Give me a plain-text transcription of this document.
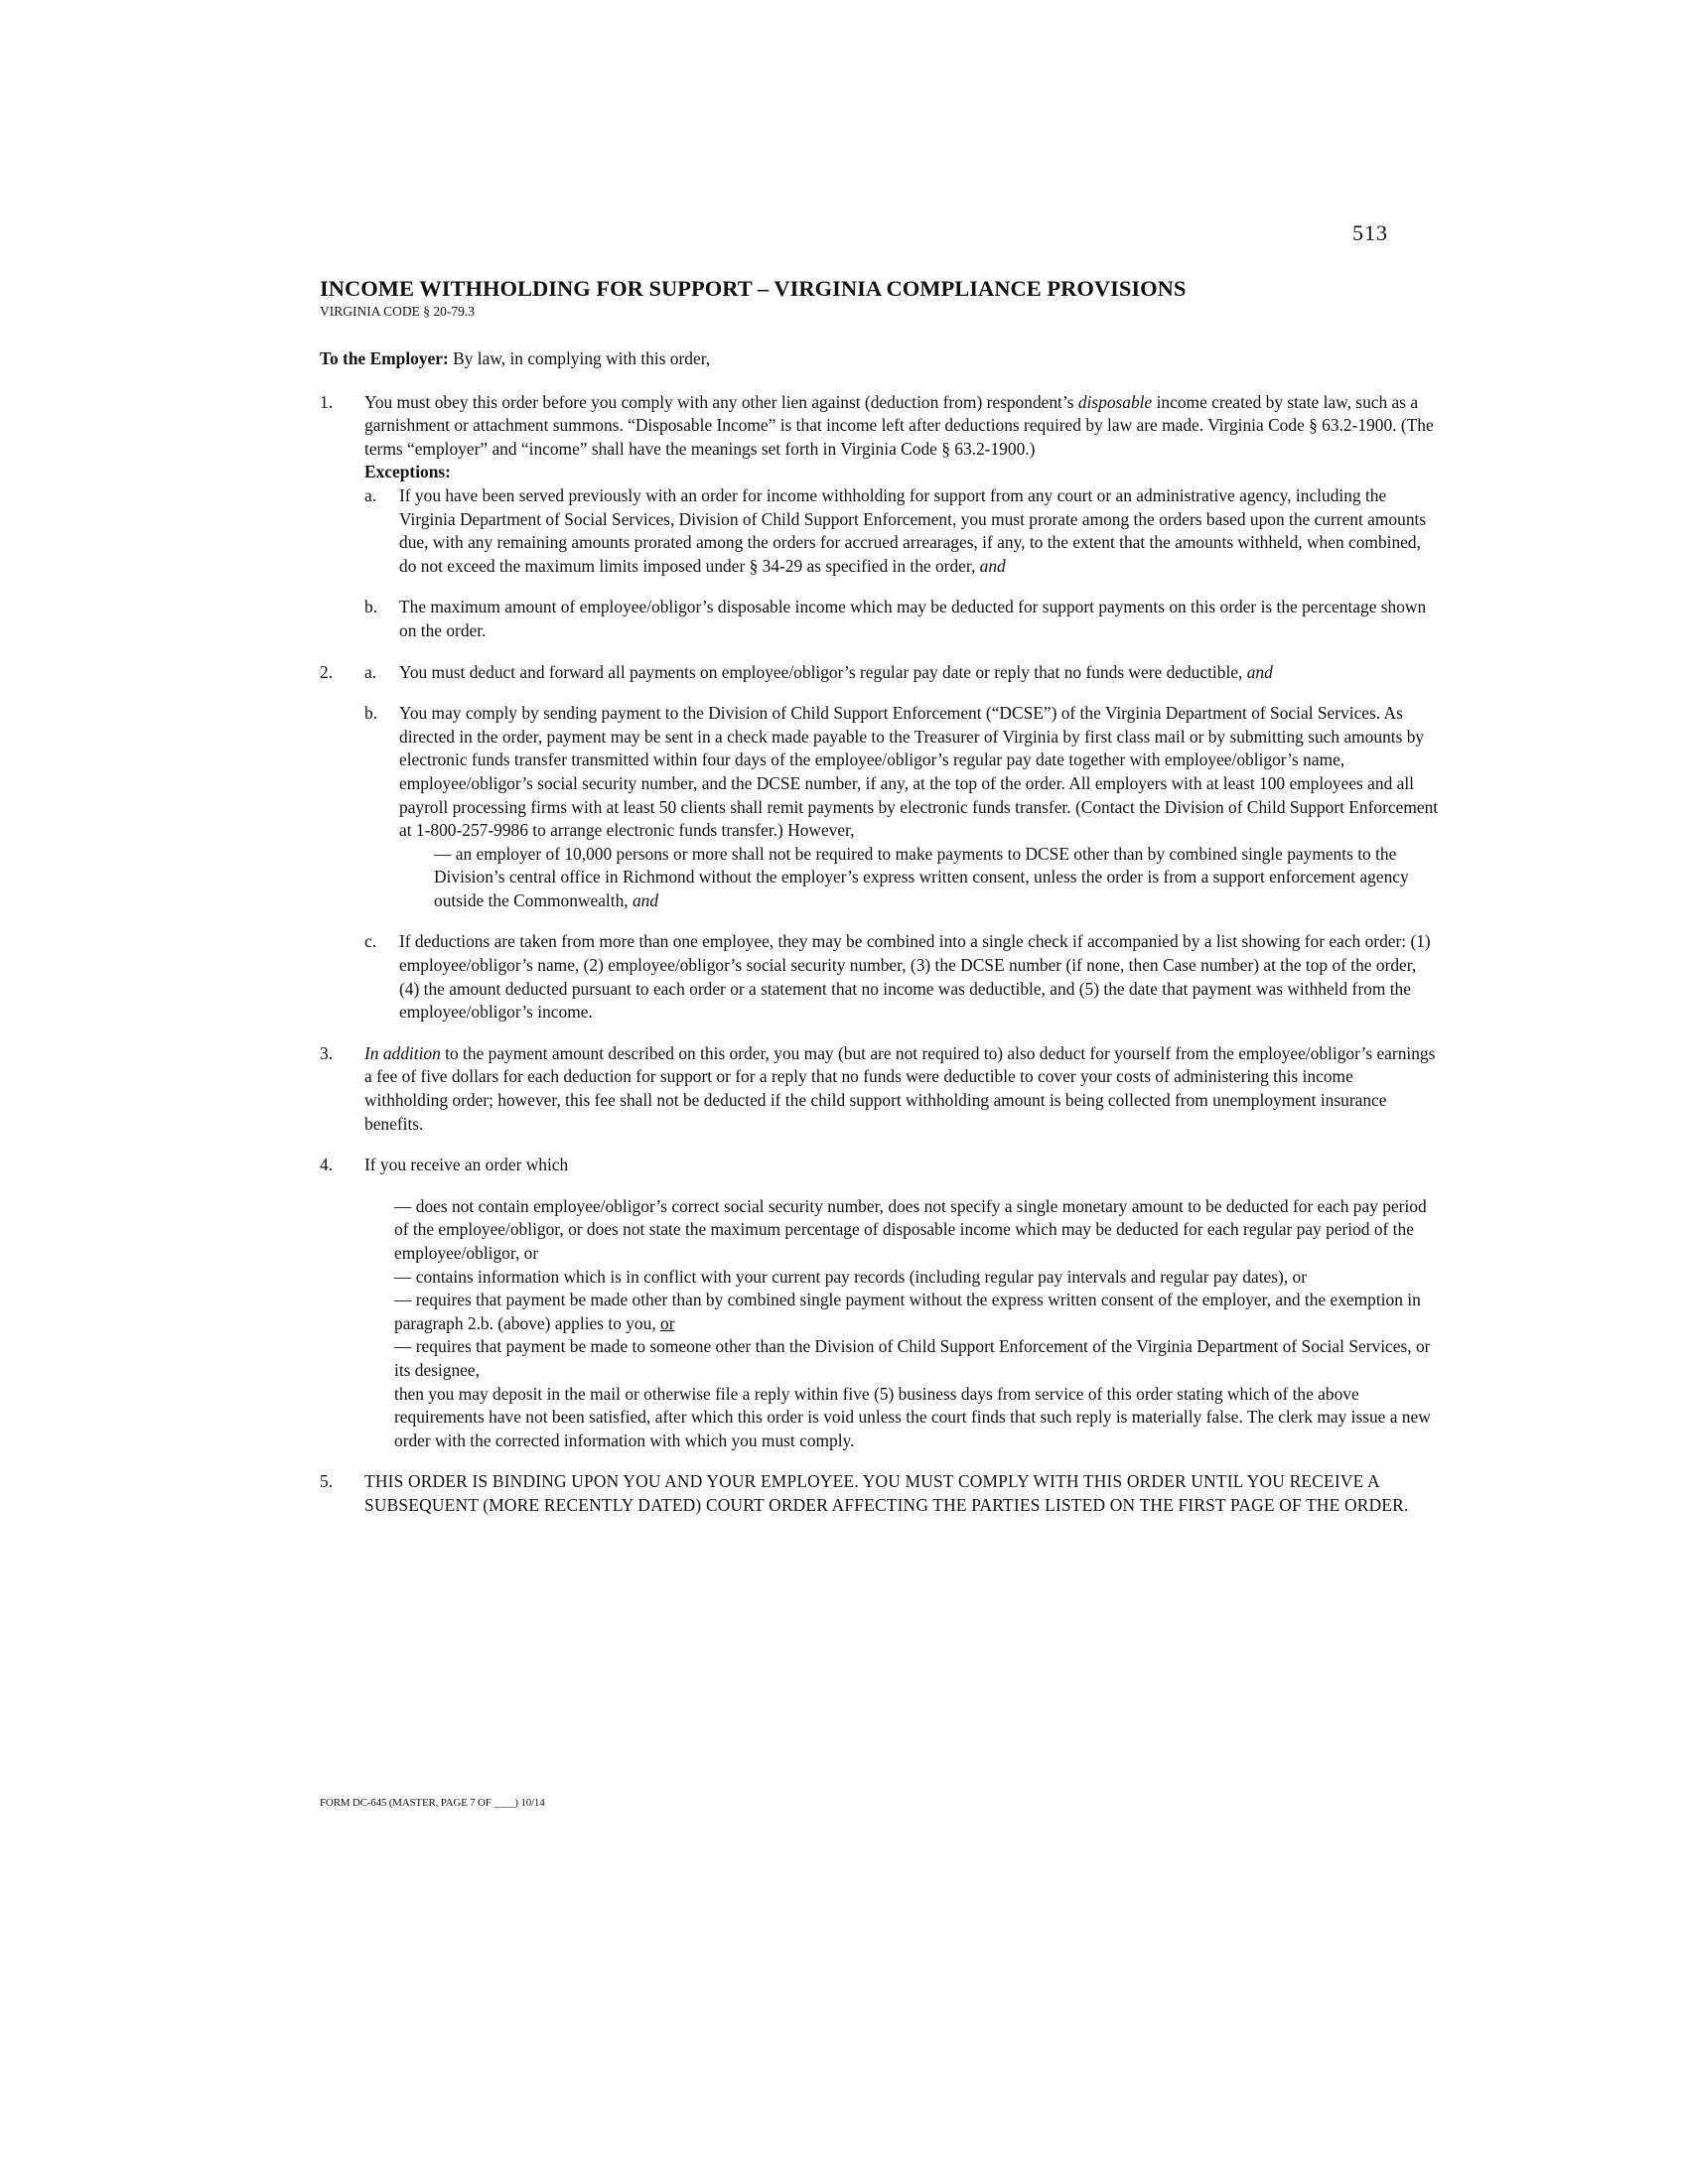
513
INCOME WITHHOLDING FOR SUPPORT – VIRGINIA COMPLIANCE PROVISIONS
VIRGINIA CODE § 20-79.3
To the Employer: By law, in complying with this order,
1.	You must obey this order before you comply with any other lien against (deduction from) respondent’s disposable income created by state law, such as a garnishment or attachment summons. “Disposable Income” is that income left after deductions required by law are made. Virginia Code § 63.2-1900. (The terms “employer” and “income” shall have the meanings set forth in Virginia Code § 63.2-1900.)

Exceptions:

a.	If you have been served previously with an order for income withholding for support from any court or an administrative agency, including the Virginia Department of Social Services, Division of Child Support Enforcement, you must prorate among the orders based upon the current amounts due, with any remaining amounts prorated among the orders for accrued arrearages, if any, to the extent that the amounts withheld, when combined, do not exceed the maximum limits imposed under § 34-29 as specified in the order, and

b.	The maximum amount of employee/obligor’s disposable income which may be deducted for support payments on this order is the percentage shown on the order.

2.	a.	You must deduct and forward all payments on employee/obligor’s regular pay date or reply that no funds were deductible, and

b.	You may comply by sending payment to the Division of Child Support Enforcement (“DCSE”) of the Virginia Department of Social Services. As directed in the order, payment may be sent in a check made payable to the Treasurer of Virginia by first class mail or by submitting such amounts by electronic funds transfer transmitted within four days of the employee/obligor’s regular pay date together with employee/obligor’s name, employee/obligor’s social security number, and the DCSE number, if any, at the top of the order. All employers with at least 100 employees and all payroll processing firms with at least 50 clients shall remit payments by electronic funds transfer. (Contact the Division of Child Support Enforcement at 1-800-257-9986 to arrange electronic funds transfer.) However,

— an employer of 10,000 persons or more shall not be required to make payments to DCSE other than by combined single payments to the Division’s central office in Richmond without the employer’s express written consent, unless the order is from a support enforcement agency outside the Commonwealth, and

c.	If deductions are taken from more than one employee, they may be combined into a single check if accompanied by a list showing for each order: (1) employee/obligor’s name, (2) employee/obligor’s social security number, (3) the DCSE number (if none, then Case number) at the top of the order, (4) the amount deducted pursuant to each order or a statement that no income was deductible, and (5) the date that payment was withheld from the employee/obligor’s income.

3.	In addition to the payment amount described on this order, you may (but are not required to) also deduct for yourself from the employee/obligor’s earnings a fee of five dollars for each deduction for support or for a reply that no funds were deductible to cover your costs of administering this income withholding order; however, this fee shall not be deducted if the child support withholding amount is being collected from unemployment insurance benefits.

4.	If you receive an order which

— does not contain employee/obligor’s correct social security number, does not specify a single monetary amount to be deducted for each pay period of the employee/obligor, or does not state the maximum percentage of disposable income which may be deducted for each regular pay period of the employee/obligor, or

— contains information which is in conflict with your current pay records (including regular pay intervals and regular pay dates), or

— requires that payment be made other than by combined single payment without the express written consent of the employer, and the exemption in paragraph 2.b. (above) applies to you, or

— requires that payment be made to someone other than the Division of Child Support Enforcement of the Virginia Department of Social Services, or its designee,

then you may deposit in the mail or otherwise file a reply within five (5) business days from service of this order stating which of the above requirements have not been satisfied, after which this order is void unless the court finds that such reply is materially false. The clerk may issue a new order with the corrected information with which you must comply.

5.	THIS ORDER IS BINDING UPON YOU AND YOUR EMPLOYEE. YOU MUST COMPLY WITH THIS ORDER UNTIL YOU RECEIVE A SUBSEQUENT (MORE RECENTLY DATED) COURT ORDER AFFECTING THE PARTIES LISTED ON THE FIRST PAGE OF THE ORDER.

FORM DC-645 (MASTER, PAGE 7 OF ____) 10/14
